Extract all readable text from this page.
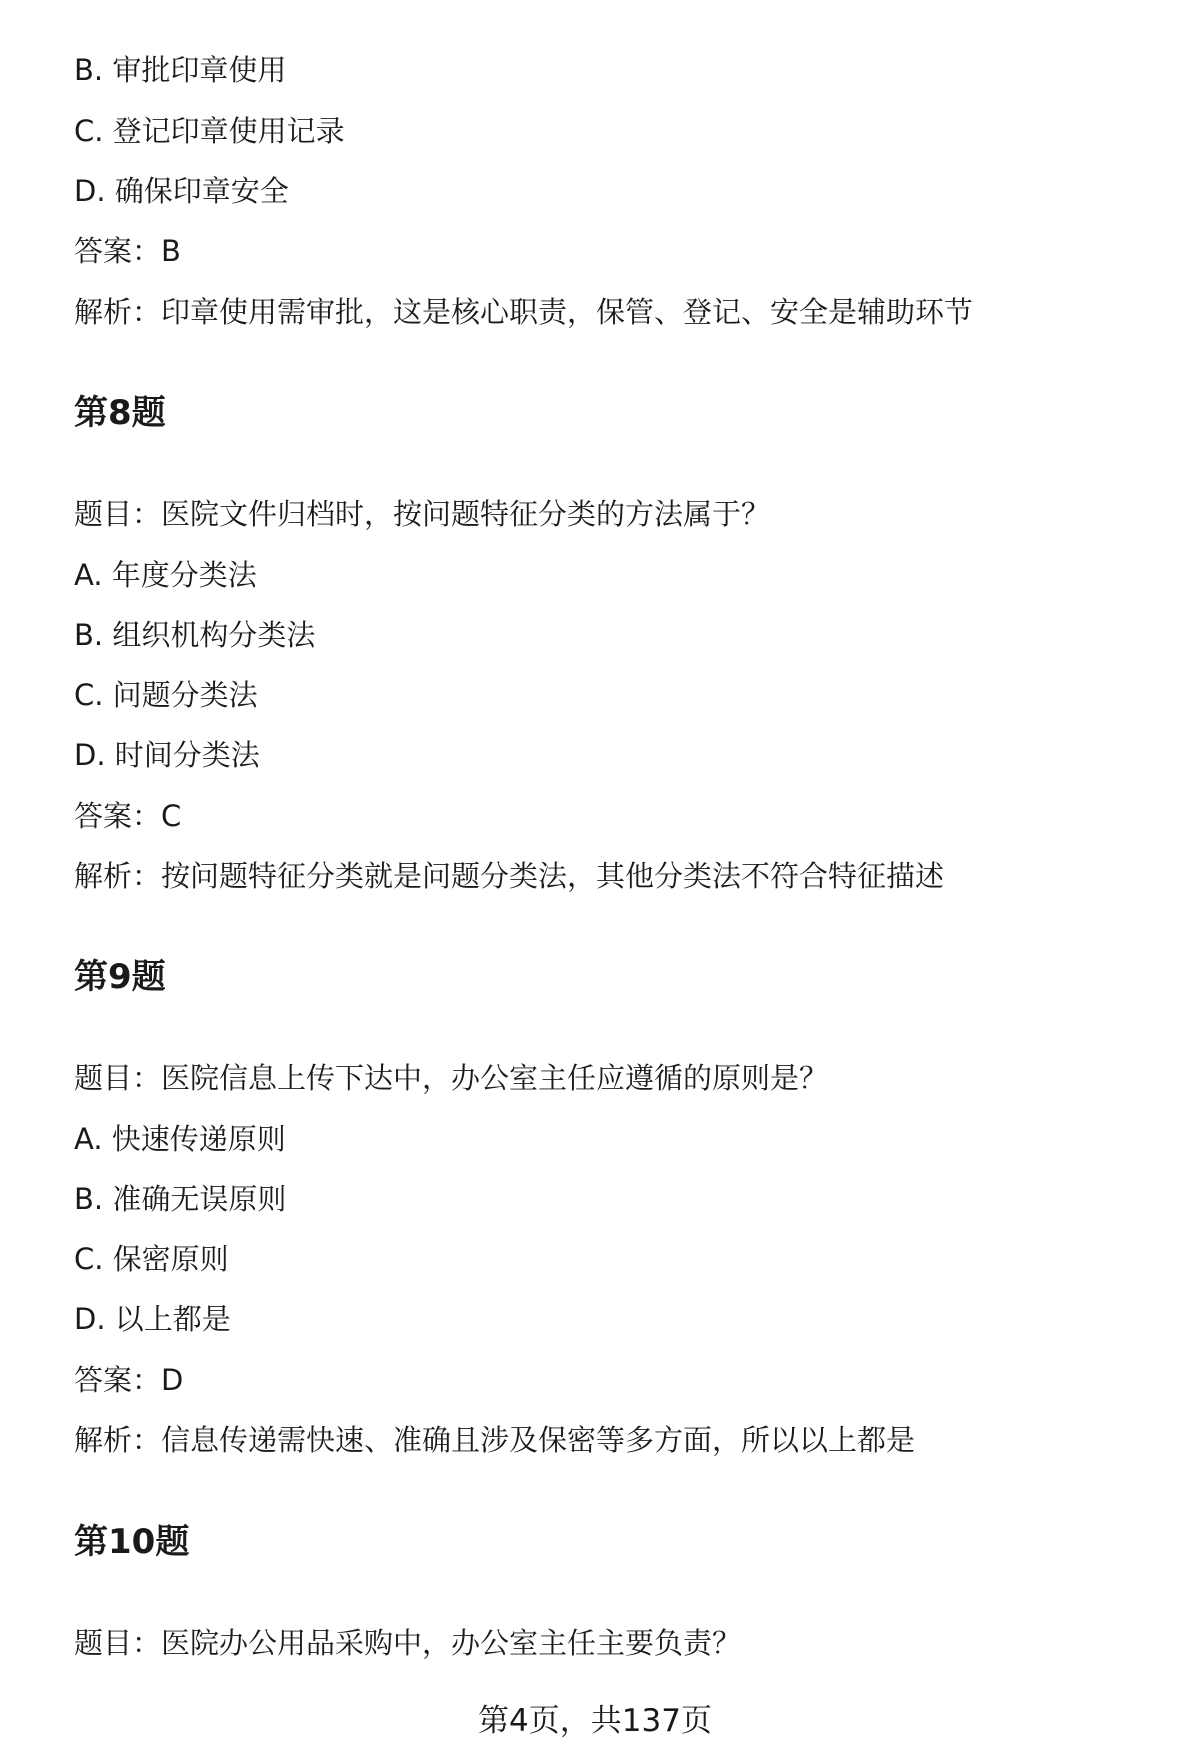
B. 审批印章使用
C. 登记印章使用记录
D. 确保印章安全
答案：B
解析：印章使用需审批，这是核心职责，保管、登记、安全是辅助环节
第8题
题目：医院文件归档时，按问题特征分类的方法属于？
A. 年度分类法
B. 组织机构分类法
C. 问题分类法
D. 时间分类法
答案：C
解析：按问题特征分类就是问题分类法，其他分类法不符合特征描述
第9题
题目：医院信息上传下达中，办公室主任应遵循的原则是？
A. 快速传递原则
B. 准确无误原则
C. 保密原则
D. 以上都是
答案：D
解析：信息传递需快速、准确且涉及保密等多方面，所以以上都是
第10题
题目：医院办公用品采购中，办公室主任主要负责？
第4页，共137页
